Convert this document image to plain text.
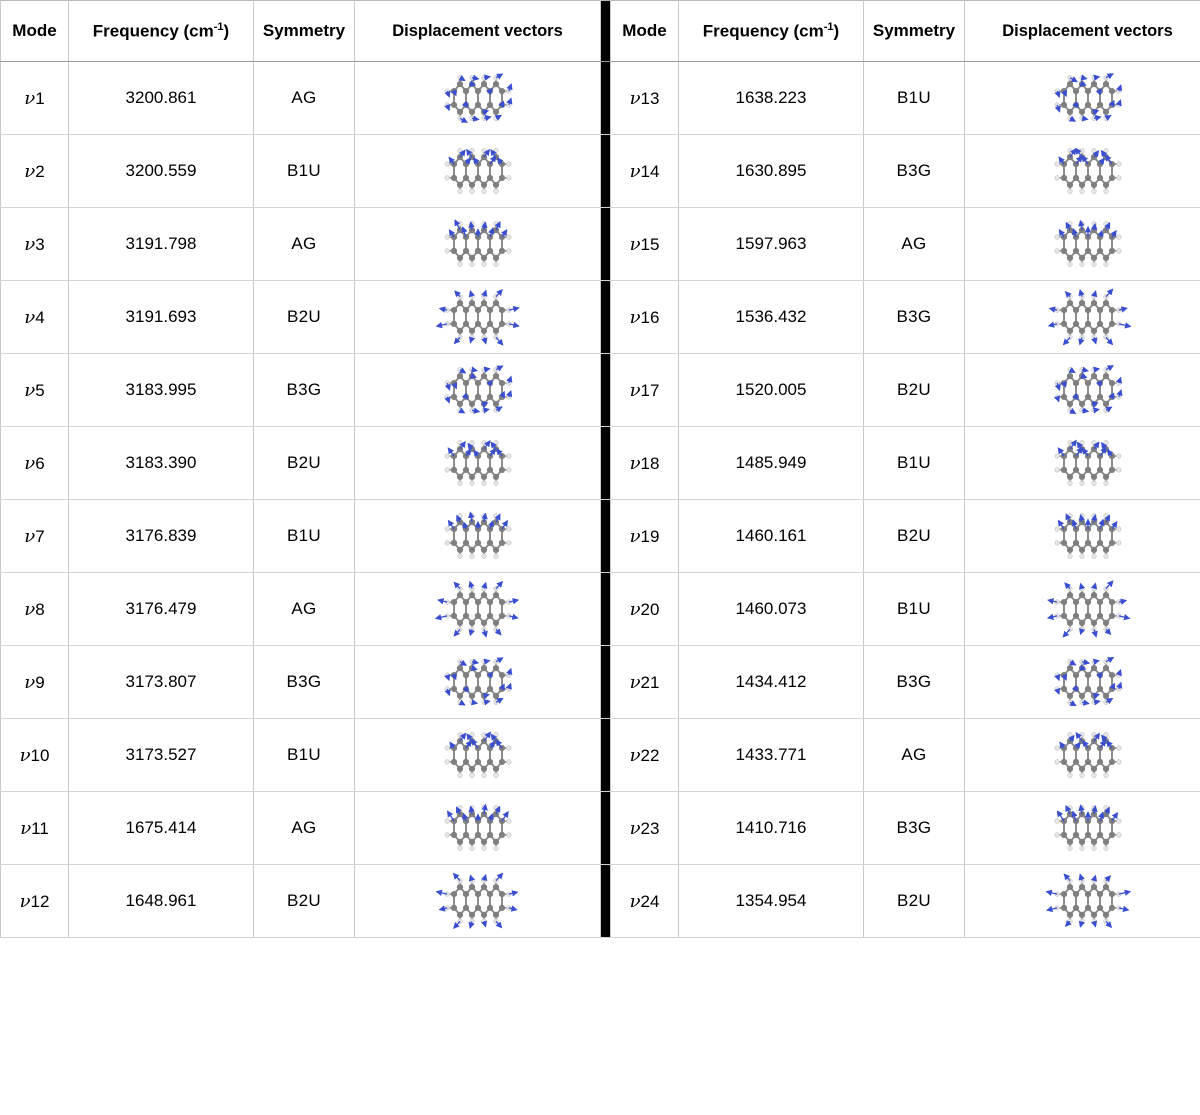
Mode	Frequency $(cm^{-1})$	Symmetry	Displacement vectors		Mode	Frequency $(cm^{-1})$	Symmetry	Displacement vectors
ν1	3200.861	AG			ν13	1638.223	B1U	

ν2	3200.559	B1U			ν14	1630.895	B3G	

ν3	3191.798	AG			ν15	1597.963	AG	

ν4	3191.693	B2U			ν16	1536.432	B3G	

ν5	3183.995	B3G			ν17	1520.005	B2U	

ν6	3183.390	B2U			ν18	1485.949	B1U	

ν7	3176.839	B1U			ν19	1460.161	B2U	

ν8	3176.479	AG			ν20	1460.073	B1U	

ν9	3173.807	B3G			ν21	1434.412	B3G	

ν10	3173.527	B1U			ν22	1433.771	AG	

ν11	1675.414	AG			ν23	1410.716	B3G	

ν12	1648.961	B2U			ν24	1354.954	B2U	
